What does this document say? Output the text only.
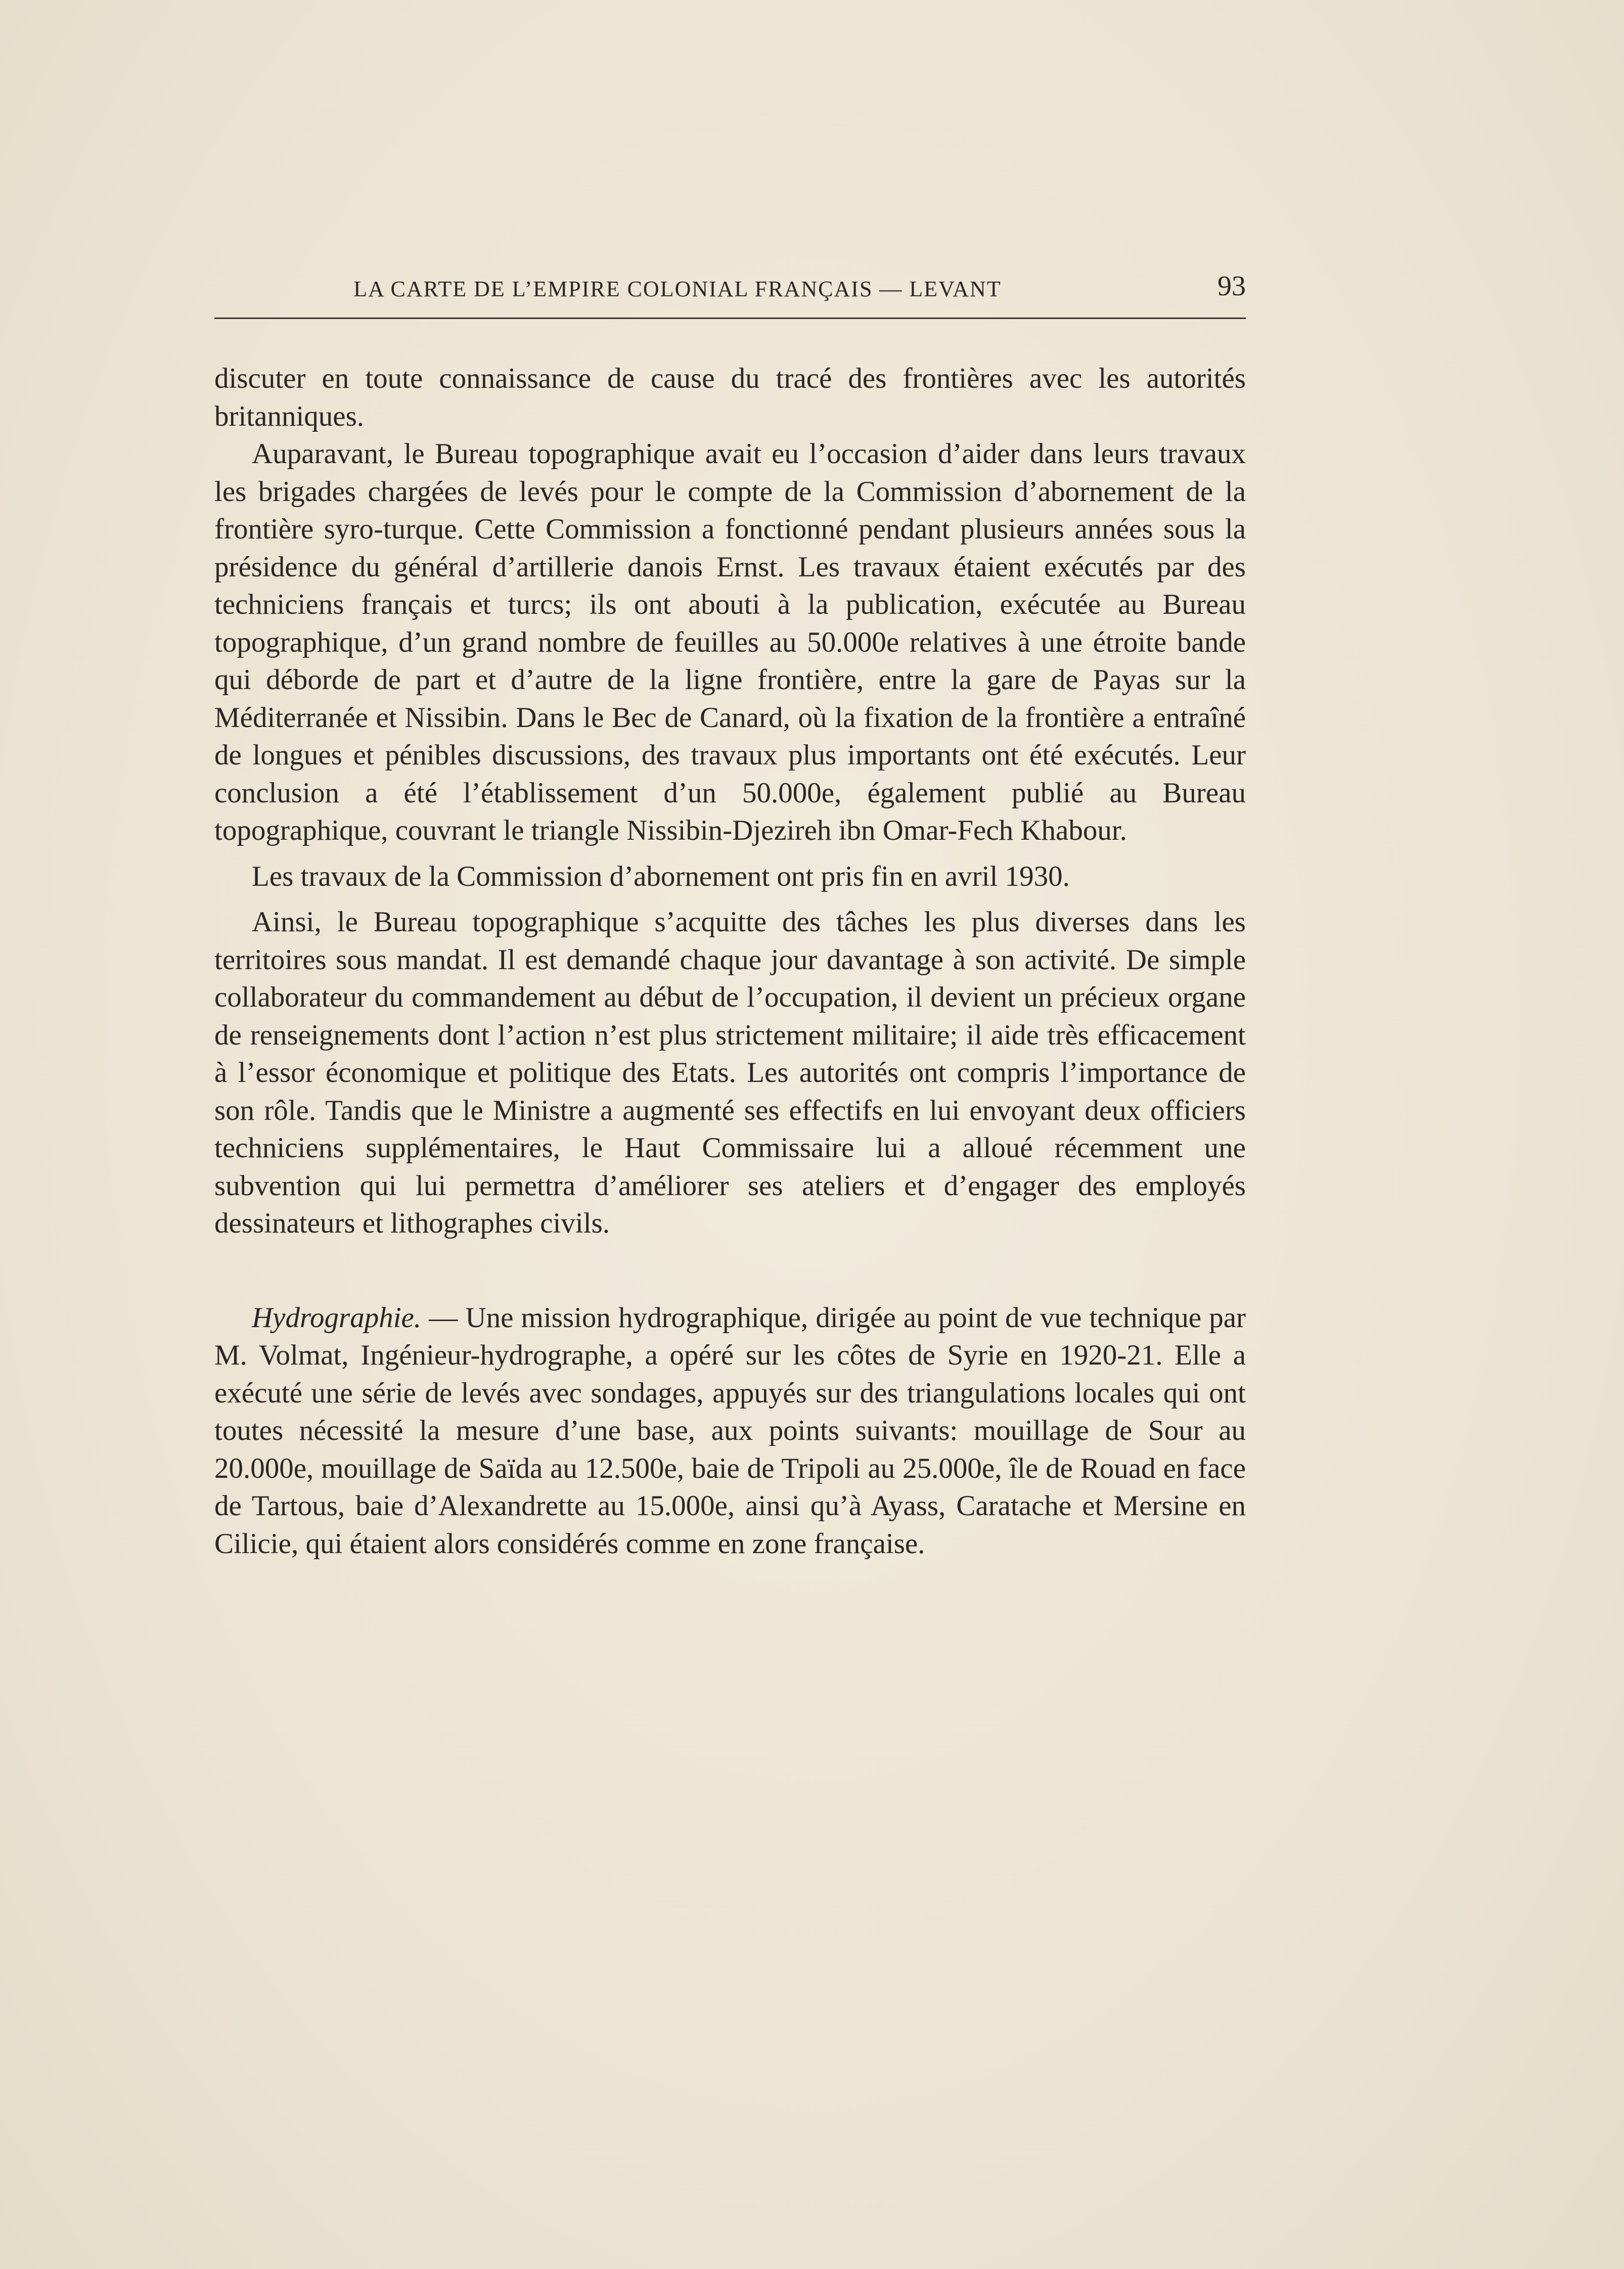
LA CARTE DE L’EMPIRE COLONIAL FRANÇAIS — LEVANT	93

discuter en toute connaissance de cause du tracé des frontières avec les autorités britanniques.

Auparavant, le Bureau topographique avait eu l’occasion d’aider dans leurs travaux les brigades chargées de levés pour le compte de la Commission d’abornement de la frontière syro-turque. Cette Commission a fonctionné pendant plusieurs années sous la présidence du général d’artillerie danois Ernst. Les travaux étaient exécutés par des techniciens français et turcs; ils ont abouti à la publication, exécutée au Bureau topographique, d’un grand nombre de feuilles au 50.000e relatives à une étroite bande qui déborde de part et d’autre de la ligne frontière, entre la gare de Payas sur la Méditerranée et Nissibin. Dans le Bec de Canard, où la fixation de la frontière a entraîné de longues et pénibles discussions, des travaux plus importants ont été exécutés. Leur conclusion a été l’établissement d’un 50.000e, également publié au Bureau topographique, couvrant le triangle Nissibin-Djezireh ibn Omar-Fech Khabour.

Les travaux de la Commission d’abornement ont pris fin en avril 1930.

Ainsi, le Bureau topographique s’acquitte des tâches les plus diverses dans les territoires sous mandat. Il est demandé chaque jour davantage à son activité. De simple collaborateur du commandement au début de l’occupation, il devient un précieux organe de renseignements dont l’action n’est plus strictement militaire; il aide très efficacement à l’essor économique et politique des Etats. Les autorités ont compris l’importance de son rôle. Tandis que le Ministre a augmenté ses effectifs en lui envoyant deux officiers techniciens supplémentaires, le Haut Commissaire lui a alloué récemment une subvention qui lui permettra d’améliorer ses ateliers et d’engager des employés dessinateurs et lithographes civils.

Hydrographie. — Une mission hydrographique, dirigée au point de vue technique par M. Volmat, Ingénieur-hydrographe, a opéré sur les côtes de Syrie en 1920-21. Elle a exécuté une série de levés avec sondages, appuyés sur des triangulations locales qui ont toutes nécessité la mesure d’une base, aux points suivants: mouillage de Sour au 20.000e, mouillage de Saïda au 12.500e, baie de Tripoli au 25.000e, île de Rouad en face de Tartous, baie d’Alexandrette au 15.000e, ainsi qu’à Ayass, Caratache et Mersine en Cilicie, qui étaient alors considérés comme en zone française.
